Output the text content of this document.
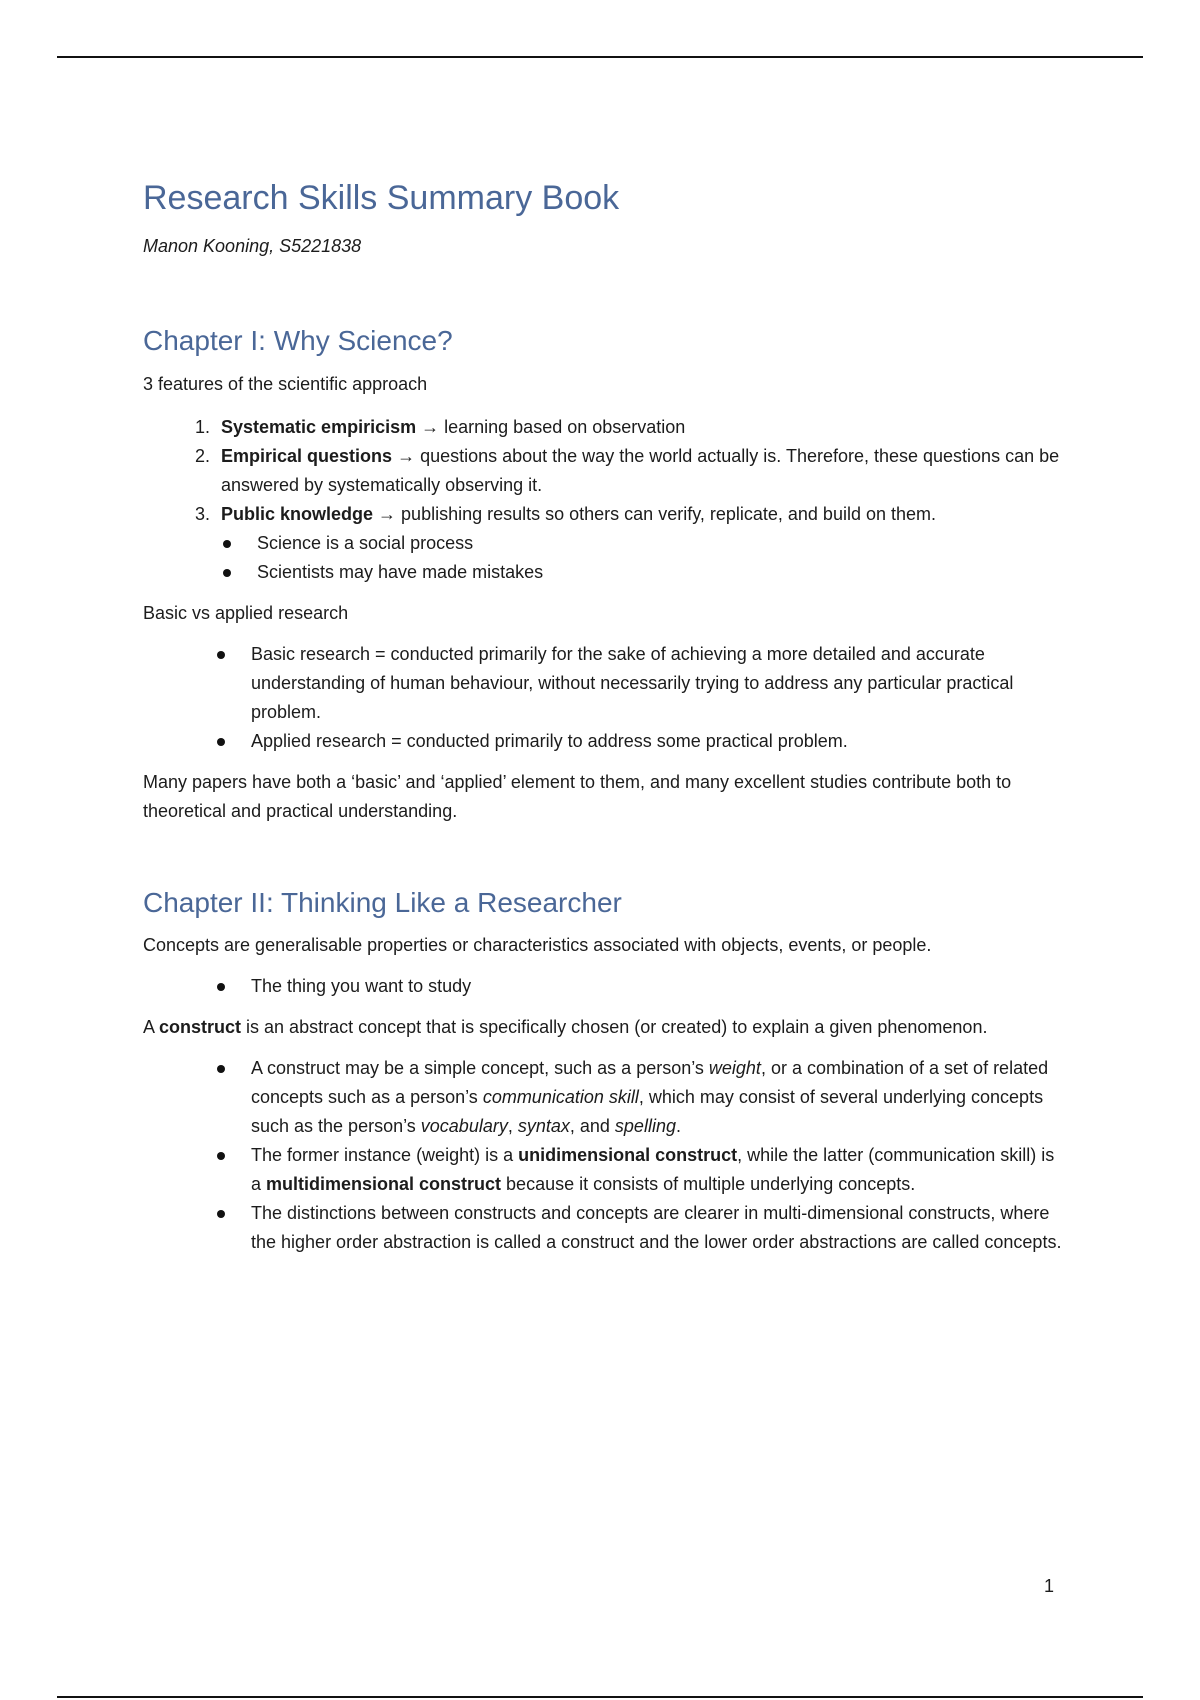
Research Skills Summary Book
Manon Kooning, S5221838
Chapter I: Why Science?

3 features of the scientific approach

1. Systematic empiricism → learning based on observation
2. Empirical questions → questions about the way the world actually is. Therefore, these questions can be answered by systematically observing it.
3. Public knowledge → publishing results so others can verify, replicate, and build on them.
Science is a social process
Scientists may have made mistakes

Basic vs applied research

Basic research = conducted primarily for the sake of achieving a more detailed and accurate understanding of human behaviour, without necessarily trying to address any particular practical problem.
Applied research = conducted primarily to address some practical problem.

Many papers have both a ‘basic’ and ‘applied’ element to them, and many excellent studies contribute both to theoretical and practical understanding.

Chapter II: Thinking Like a Researcher

Concepts are generalisable properties or characteristics associated with objects, events, or people.

The thing you want to study

A construct is an abstract concept that is specifically chosen (or created) to explain a given phenomenon.

A construct may be a simple concept, such as a person’s weight, or a combination of a set of related concepts such as a person’s communication skill, which may consist of several underlying concepts such as the person’s vocabulary, syntax, and spelling.
The former instance (weight) is a unidimensional construct, while the latter (communication skill) is a multidimensional construct because it consists of multiple underlying concepts.
The distinctions between constructs and concepts are clearer in multi-dimensional constructs, where the higher order abstraction is called a construct and the lower order abstractions are called concepts.
1
